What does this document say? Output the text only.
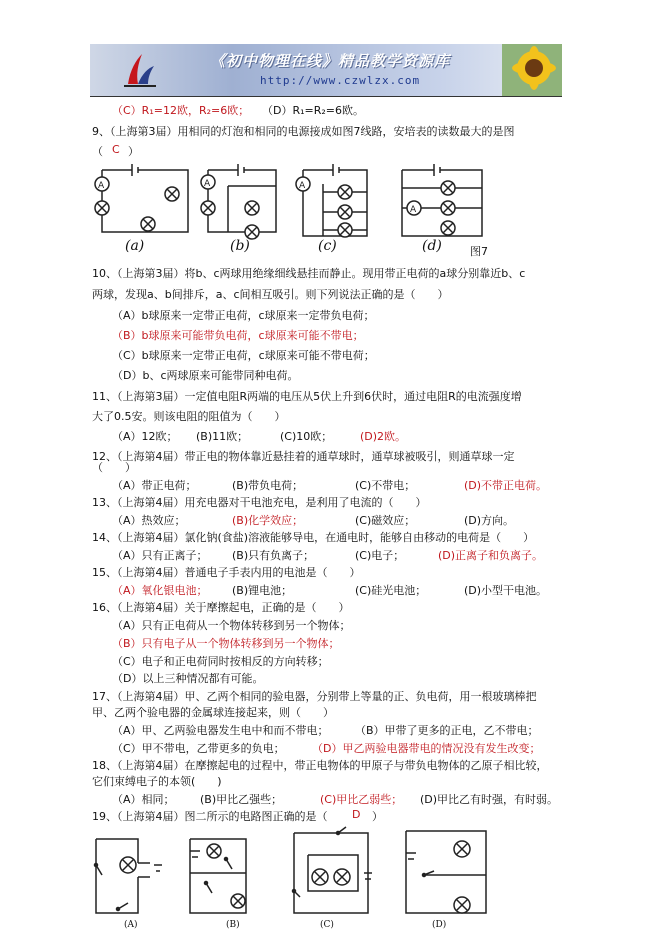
《初中物理在线》精品教学资源库
http://www.czwlzx.com
（C）R₁=12欧，R₂=6欧； （D）R₁=R₂=6欧。
9、（上海第3届）用相同的灯泡和相同的电源接成如图7线路，安培表的读数最大的是图
（ C ）
A	A	A
A
(a)	(b)	(c)	(d)	图7
10、（上海第3届）将b、c两球用绝缘细线悬挂而静止。现用带正电荷的a球分别靠近b、c
两球，发现a、b间排斥，a、c间相互吸引。则下列说法正确的是（　　）
（A）b球原来一定带正电荷，c球原来一定带负电荷；
（B）b球原来可能带负电荷，c球原来可能不带电；
（C）b球原来一定带正电荷，c球原来可能不带电荷；
（D）b、c两球原来可能带同种电荷。
11、（上海第3届）一定值电阻R两端的电压从5伏上升到6伏时，通过电阻R的电流强度增
大了0.5安。则该电阻的阻值为（　　）
（A）12欧； (B)11欧；	(C)10欧；	(D)2欧。
12、（上海第4届）带正电的物体靠近悬挂着的通草球时，通草球被吸引，则通草球一定
（　　）
（A）带正电荷；	(B)带负电荷；	(C)不带电；	(D)不带正电荷。
13、（上海第4届）用充电器对干电池充电，是利用了电流的（　　）
（A）热效应；	(B)化学效应；	(C)磁效应；	(D)方向。
14、（上海第4届）氯化钠(食盐)溶液能够导电，在通电时，能够自由移动的电荷是（　　）
（A）只有正离子； (B)只有负离子；	(C)电子；	(D)正离子和负离子。
15、（上海第4届）普通电子手表内用的电池是（　　）
（A）氧化银电池； (B)锂电池；	(C)硅光电池；	(D)小型干电池。
16、（上海第4届）关于摩擦起电，正确的是（　　）
（A）只有正电荷从一个物体转移到另一个物体；
（B）只有电子从一个物体转移到另一个物体；
（C）电子和正电荷同时按相反的方向转移；
（D）以上三种情况都有可能。
17、（上海第4届）甲、乙两个相同的验电器，分别带上等量的正、负电荷，用一根玻璃棒把
甲、乙两个验电器的金属球连接起来，则（　　）
（A）甲、乙两验电器发生电中和而不带电； （B）甲带了更多的正电，乙不带电；
（C）甲不带电，乙带更多的负电； （D）甲乙两验电器带电的情况没有发生改变；
18、（上海第4届）在摩擦起电的过程中，带正电物体的甲原子与带负电物体的乙原子相比较，
它们束缚电子的本领(　　)
（A）相同； (B)甲比乙强些；	(C)甲比乙弱些； (D)甲比乙有时强，有时弱。
19、（上海第4届）图二所示的电路图正确的是（ D ）
(A)	(B)	(C)	(D)
